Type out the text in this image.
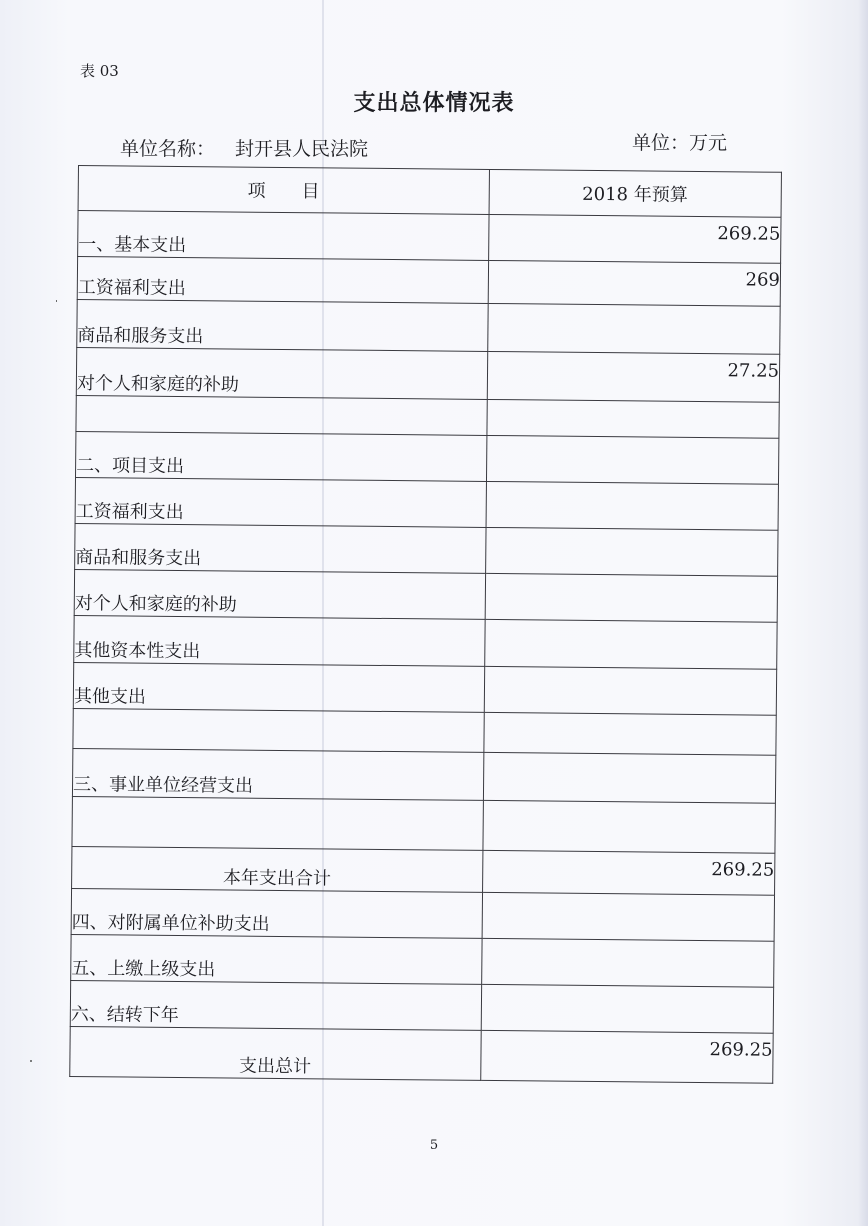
表 03
支出总体情况表
单位名称： 封开县人民法院	单位：万元
项　　目	2018 年预算
一、基本支出	269.25

工资福利支出	269

商品和服务支出	

对个人和家庭的补助	27.25

二、项目支出	

工资福利支出	

商品和服务支出	

对个人和家庭的补助	

其他资本性支出	

其他支出	

三、事业单位经营支出	

本年支出合计	269.25

四、对附属单位补助支出	

五、上缴上级支出	

六、结转下年	

支出总计	269.25
5
